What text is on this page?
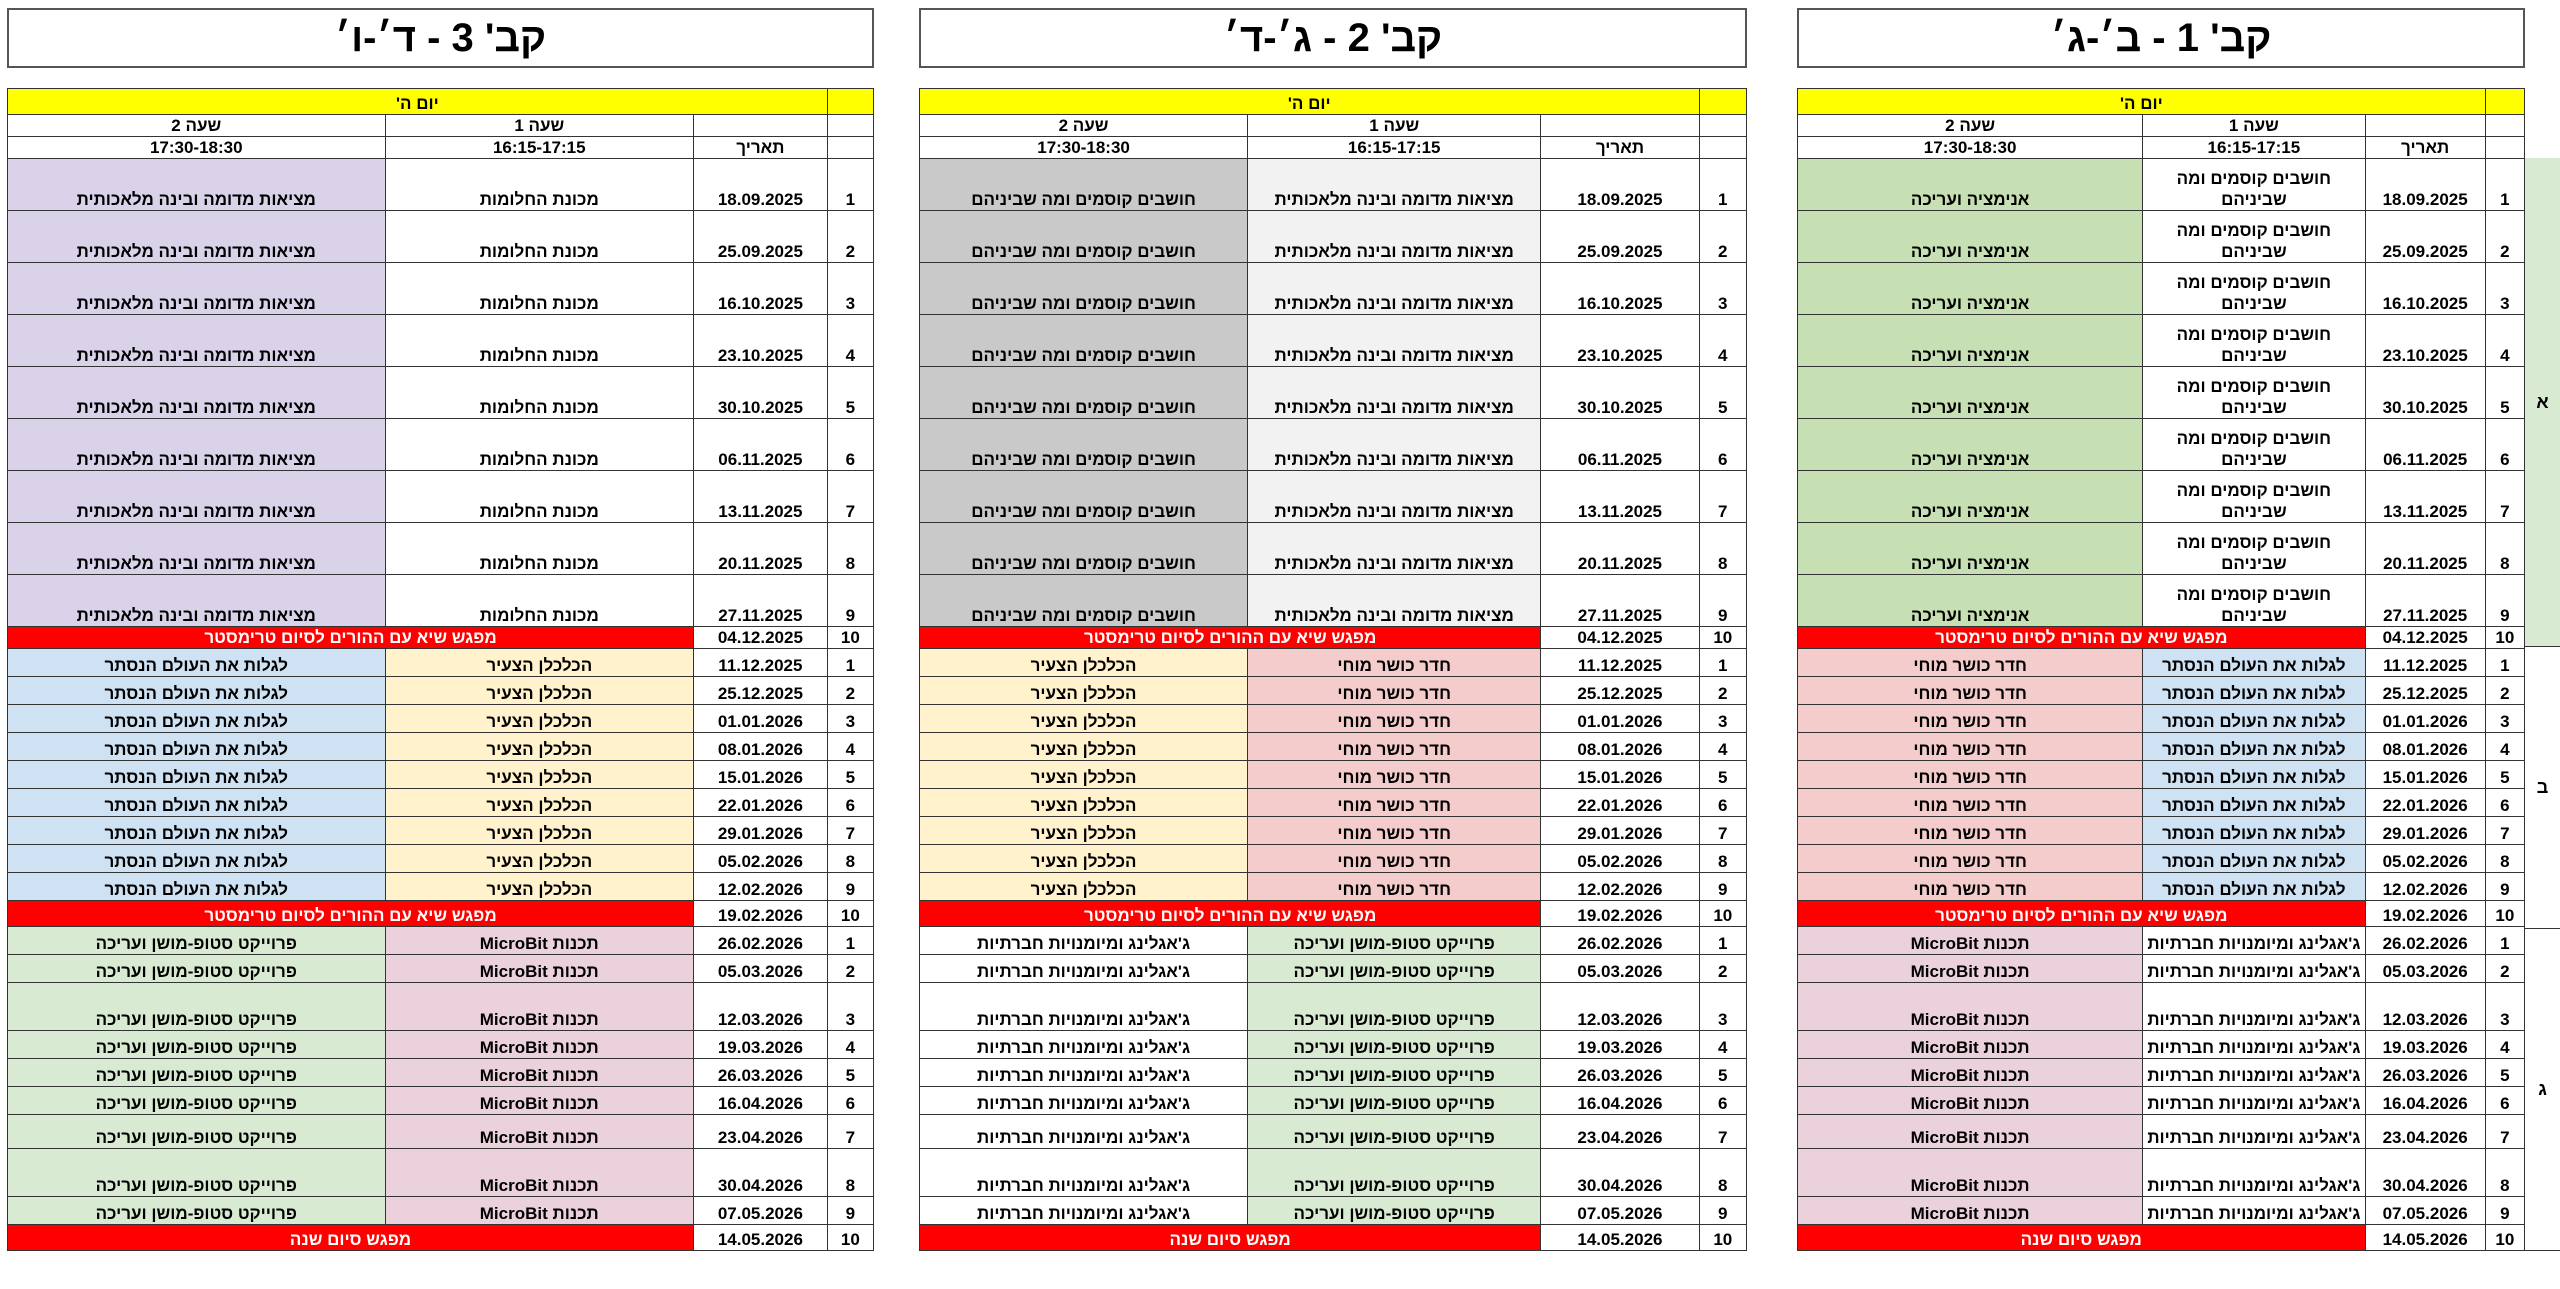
קב' 1 - ב׳-ג׳
קב' 2 - ג׳-ד׳
קב' 3 - ד׳-ו׳
	יום ה'		
		שעה 1	שעה 2
	תאריך	16:15-17:15	17:30-18:30
1	18.09.2025	חושבים קוסמים ומה שביניהם	אנימציה ועריכה
2	25.09.2025	חושבים קוסמים ומה שביניהם	אנימציה ועריכה
3	16.10.2025	חושבים קוסמים ומה שביניהם	אנימציה ועריכה
4	23.10.2025	חושבים קוסמים ומה שביניהם	אנימציה ועריכה
5	30.10.2025	חושבים קוסמים ומה שביניהם	אנימציה ועריכה
6	06.11.2025	חושבים קוסמים ומה שביניהם	אנימציה ועריכה
7	13.11.2025	חושבים קוסמים ומה שביניהם	אנימציה ועריכה
8	20.11.2025	חושבים קוסמים ומה שביניהם	אנימציה ועריכה
9	27.11.2025	חושבים קוסמים ומה שביניהם	אנימציה ועריכה
10	04.12.2025	מפגש שיא עם ההורים לסיום טרימסטר	
1	11.12.2025	לגלות את העולם הנסתר	חדר כושר מוחי
2	25.12.2025	לגלות את העולם הנסתר	חדר כושר מוחי
3	01.01.2026	לגלות את העולם הנסתר	חדר כושר מוחי
4	08.01.2026	לגלות את העולם הנסתר	חדר כושר מוחי
5	15.01.2026	לגלות את העולם הנסתר	חדר כושר מוחי
6	22.01.2026	לגלות את העולם הנסתר	חדר כושר מוחי
7	29.01.2026	לגלות את העולם הנסתר	חדר כושר מוחי
8	05.02.2026	לגלות את העולם הנסתר	חדר כושר מוחי
9	12.02.2026	לגלות את העולם הנסתר	חדר כושר מוחי
10	19.02.2026	מפגש שיא עם ההורים לסיום טרימסטר	
1	26.02.2026	ג'אגלינג ומיומנויות חברתיות	תכנות MicroBit
2	05.03.2026	ג'אגלינג ומיומנויות חברתיות	תכנות MicroBit
3	12.03.2026	ג'אגלינג ומיומנויות חברתיות	תכנות MicroBit
4	19.03.2026	ג'אגלינג ומיומנויות חברתיות	תכנות MicroBit
5	26.03.2026	ג'אגלינג ומיומנויות חברתיות	תכנות MicroBit
6	16.04.2026	ג'אגלינג ומיומנויות חברתיות	תכנות MicroBit
7	23.04.2026	ג'אגלינג ומיומנויות חברתיות	תכנות MicroBit
8	30.04.2026	ג'אגלינג ומיומנויות חברתיות	תכנות MicroBit
9	07.05.2026	ג'אגלינג ומיומנויות חברתיות	תכנות MicroBit
10	14.05.2026	מפגש סיום שנה	
	יום ה'		
		שעה 1	שעה 2
	תאריך	16:15-17:15	17:30-18:30
1	18.09.2025	מציאות מדומה ובינה מלאכותית	חושבים קוסמים ומה שביניהם
2	25.09.2025	מציאות מדומה ובינה מלאכותית	חושבים קוסמים ומה שביניהם
3	16.10.2025	מציאות מדומה ובינה מלאכותית	חושבים קוסמים ומה שביניהם
4	23.10.2025	מציאות מדומה ובינה מלאכותית	חושבים קוסמים ומה שביניהם
5	30.10.2025	מציאות מדומה ובינה מלאכותית	חושבים קוסמים ומה שביניהם
6	06.11.2025	מציאות מדומה ובינה מלאכותית	חושבים קוסמים ומה שביניהם
7	13.11.2025	מציאות מדומה ובינה מלאכותית	חושבים קוסמים ומה שביניהם
8	20.11.2025	מציאות מדומה ובינה מלאכותית	חושבים קוסמים ומה שביניהם
9	27.11.2025	מציאות מדומה ובינה מלאכותית	חושבים קוסמים ומה שביניהם
10	04.12.2025	מפגש שיא עם ההורים לסיום טרימסטר	
1	11.12.2025	חדר כושר מוחי	הכלכלן הצעיר
2	25.12.2025	חדר כושר מוחי	הכלכלן הצעיר
3	01.01.2026	חדר כושר מוחי	הכלכלן הצעיר
4	08.01.2026	חדר כושר מוחי	הכלכלן הצעיר
5	15.01.2026	חדר כושר מוחי	הכלכלן הצעיר
6	22.01.2026	חדר כושר מוחי	הכלכלן הצעיר
7	29.01.2026	חדר כושר מוחי	הכלכלן הצעיר
8	05.02.2026	חדר כושר מוחי	הכלכלן הצעיר
9	12.02.2026	חדר כושר מוחי	הכלכלן הצעיר
10	19.02.2026	מפגש שיא עם ההורים לסיום טרימסטר	
1	26.02.2026	פרוייקט סטופ-מושן ועריכה	ג'אגלינג ומיומנויות חברתיות
2	05.03.2026	פרוייקט סטופ-מושן ועריכה	ג'אגלינג ומיומנויות חברתיות
3	12.03.2026	פרוייקט סטופ-מושן ועריכה	ג'אגלינג ומיומנויות חברתיות
4	19.03.2026	פרוייקט סטופ-מושן ועריכה	ג'אגלינג ומיומנויות חברתיות
5	26.03.2026	פרוייקט סטופ-מושן ועריכה	ג'אגלינג ומיומנויות חברתיות
6	16.04.2026	פרוייקט סטופ-מושן ועריכה	ג'אגלינג ומיומנויות חברתיות
7	23.04.2026	פרוייקט סטופ-מושן ועריכה	ג'אגלינג ומיומנויות חברתיות
8	30.04.2026	פרוייקט סטופ-מושן ועריכה	ג'אגלינג ומיומנויות חברתיות
9	07.05.2026	פרוייקט סטופ-מושן ועריכה	ג'אגלינג ומיומנויות חברתיות
10	14.05.2026	מפגש סיום שנה	
	יום ה'		
		שעה 1	שעה 2
	תאריך	16:15-17:15	17:30-18:30
1	18.09.2025	מכונת החלומות	מציאות מדומה ובינה מלאכותית
2	25.09.2025	מכונת החלומות	מציאות מדומה ובינה מלאכותית
3	16.10.2025	מכונת החלומות	מציאות מדומה ובינה מלאכותית
4	23.10.2025	מכונת החלומות	מציאות מדומה ובינה מלאכותית
5	30.10.2025	מכונת החלומות	מציאות מדומה ובינה מלאכותית
6	06.11.2025	מכונת החלומות	מציאות מדומה ובינה מלאכותית
7	13.11.2025	מכונת החלומות	מציאות מדומה ובינה מלאכותית
8	20.11.2025	מכונת החלומות	מציאות מדומה ובינה מלאכותית
9	27.11.2025	מכונת החלומות	מציאות מדומה ובינה מלאכותית
10	04.12.2025	מפגש שיא עם ההורים לסיום טרימסטר	
1	11.12.2025	הכלכלן הצעיר	לגלות את העולם הנסתר
2	25.12.2025	הכלכלן הצעיר	לגלות את העולם הנסתר
3	01.01.2026	הכלכלן הצעיר	לגלות את העולם הנסתר
4	08.01.2026	הכלכלן הצעיר	לגלות את העולם הנסתר
5	15.01.2026	הכלכלן הצעיר	לגלות את העולם הנסתר
6	22.01.2026	הכלכלן הצעיר	לגלות את העולם הנסתר
7	29.01.2026	הכלכלן הצעיר	לגלות את העולם הנסתר
8	05.02.2026	הכלכלן הצעיר	לגלות את העולם הנסתר
9	12.02.2026	הכלכלן הצעיר	לגלות את העולם הנסתר
10	19.02.2026	מפגש שיא עם ההורים לסיום טרימסטר	
1	26.02.2026	תכנות MicroBit	פרוייקט סטופ-מושן ועריכה
2	05.03.2026	תכנות MicroBit	פרוייקט סטופ-מושן ועריכה
3	12.03.2026	תכנות MicroBit	פרוייקט סטופ-מושן ועריכה
4	19.03.2026	תכנות MicroBit	פרוייקט סטופ-מושן ועריכה
5	26.03.2026	תכנות MicroBit	פרוייקט סטופ-מושן ועריכה
6	16.04.2026	תכנות MicroBit	פרוייקט סטופ-מושן ועריכה
7	23.04.2026	תכנות MicroBit	פרוייקט סטופ-מושן ועריכה
8	30.04.2026	תכנות MicroBit	פרוייקט סטופ-מושן ועריכה
9	07.05.2026	תכנות MicroBit	פרוייקט סטופ-מושן ועריכה
10	14.05.2026	מפגש סיום שנה	
א
ב
ג
